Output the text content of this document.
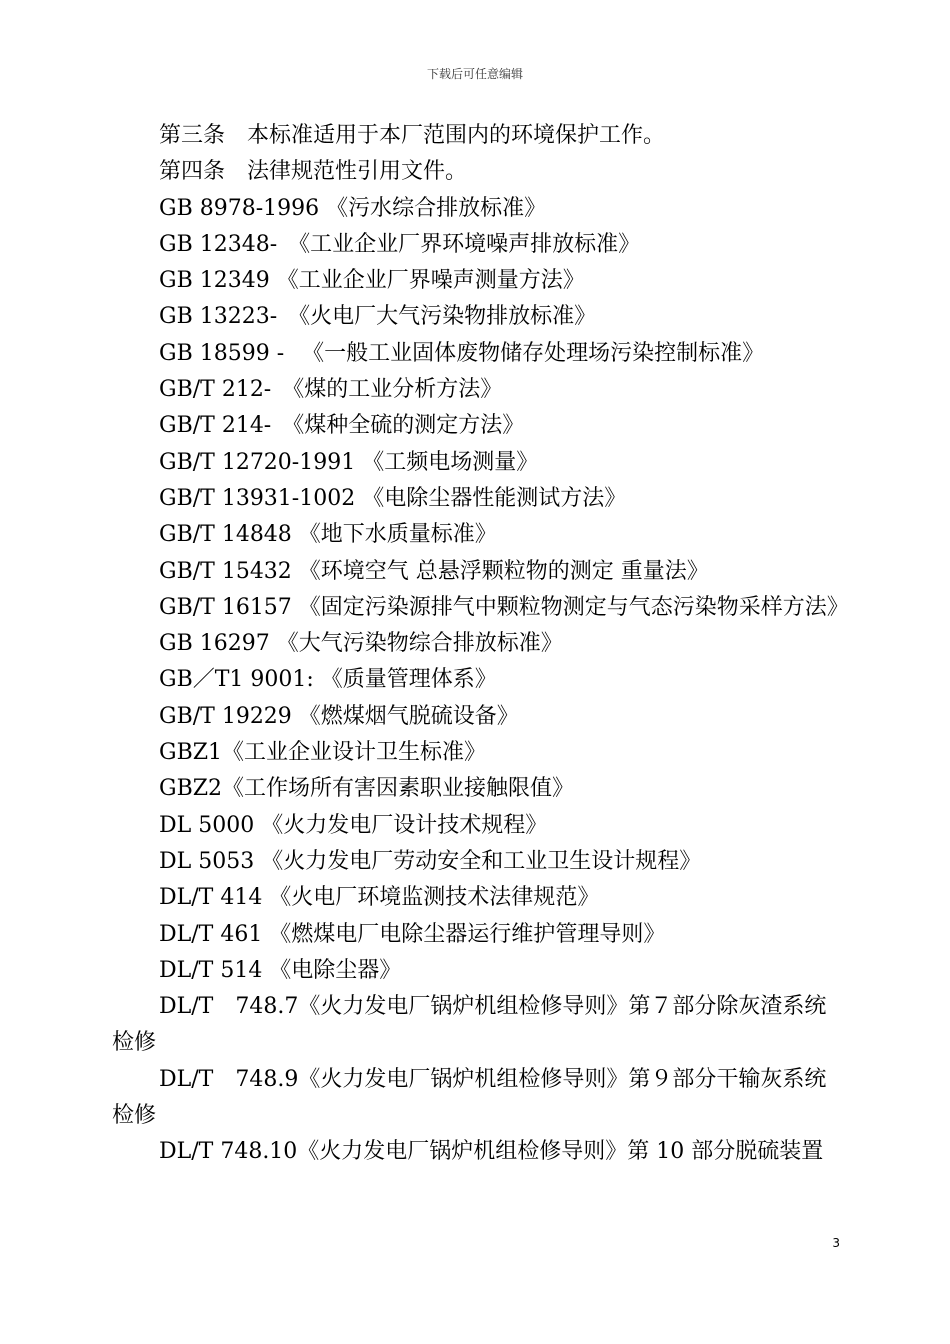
下载后可任意编辑

第三条　本标准适用于本厂范围内的环境保护工作。

第四条　法律规范性引用文件。

GB 8978-1996 《污水综合排放标准》

GB 12348-　《工业企业厂界环境噪声排放标准》

GB 12349 《工业企业厂界噪声测量方法》

GB 13223-　《火电厂大气污染物排放标准》

GB 18599 - 　《一般工业固体废物储存处理场污染控制标准》

GB/T 212-　《煤的工业分析方法》

GB/T 214-　《煤种全硫的测定方法》

GB/T 12720-1991 《工频电场测量》

GB/T 13931-1002 《电除尘器性能测试方法》

GB/T 14848 《地下水质量标准》

GB/T 15432 《环境空气 总悬浮颗粒物的测定 重量法》

GB/T 16157 《固定污染源排气中颗粒物测定与气态污染物采样方法》

GB 16297 《大气污染物综合排放标准》

GB／T1 9001: 《质量管理体系》

GB/T 19229 《燃煤烟气脱硫设备》

GBZ1《工业企业设计卫生标准》

GBZ2《工作场所有害因素职业接触限值》

DL 5000 《火力发电厂设计技术规程》

DL 5053 《火力发电厂劳动安全和工业卫生设计规程》

DL/T 414 《火电厂环境监测技术法律规范》

DL/T 461 《燃煤电厂电除尘器运行维护管理导则》

DL/T 514 《电除尘器》

DL/T　748.7《火力发电厂锅炉机组检修导则》第７部分除灰渣系统检修

DL/T　748.9《火力发电厂锅炉机组检修导则》第９部分干输灰系统检修

DL/T 748.10《火力发电厂锅炉机组检修导则》第 10 部分脱硫装置

3
